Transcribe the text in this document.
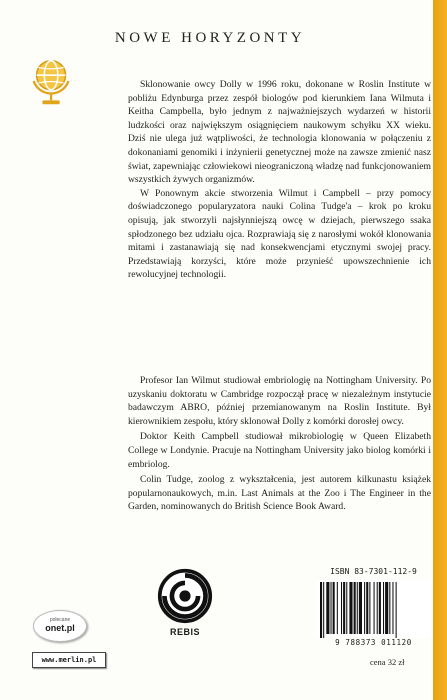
NOWE HORYZONTY

Sklonowanie owcy Dolly w 1996 roku, dokonane w Roslin Institute w pobliżu Edynburga przez zespół biologów pod kierunkiem Iana Wilmuta i Keitha Campbella, było jednym z najważniejszych wydarzeń w historii ludzkości oraz największym osiągnięciem naukowym schyłku XX wieku. Dziś nie ulega już wątpliwości, że technologia klonowania w połączeniu z dokonaniami genomiki i inżynierii genetycznej może na zawsze zmienić nasz świat, zapewniając człowiekowi nieograniczoną władzę nad funkcjonowaniem wszystkich żywych organizmów.

W Ponownym akcie stworzenia Wilmut i Campbell – przy pomocy doświadczonego popularyzatora nauki Colina Tudge'a – krok po kroku opisują, jak stworzyli najsłynniejszą owcę w dziejach, pierwszego ssaka spłodzonego bez udziału ojca. Rozprawiają się z narosłymi wokół klonowania mitami i zastanawiają się nad konsekwencjami etycznymi swojej pracy. Przedstawiają korzyści, które może przynieść upowszechnienie ich rewolucyjnej technologii.

Profesor Ian Wilmut studiował embriologię na Nottingham University. Po uzyskaniu doktoratu w Cambridge rozpoczął pracę w niezależnym instytucie badawczym ABRO, później przemianowanym na Roslin Institute. Był kierownikiem zespołu, który sklonował Dolly z komórki dorosłej owcy.

Doktor Keith Campbell studiował mikrobiologię w Queen Elizabeth College w Londynie. Pracuje na Nottingham University jako biolog komórki i embriolog.

Colin Tudge, zoolog z wykształcenia, jest autorem kilkunastu książek popularnonaukowych, m.in. Last Animals at the Zoo i The Engineer in the Garden, nominowanych do British Science Book Award.

polecane
onet.pl
www.merlin.pl
REBIS
ISBN 83-7301-112-9
9 788373 011120
cena 32 zł
